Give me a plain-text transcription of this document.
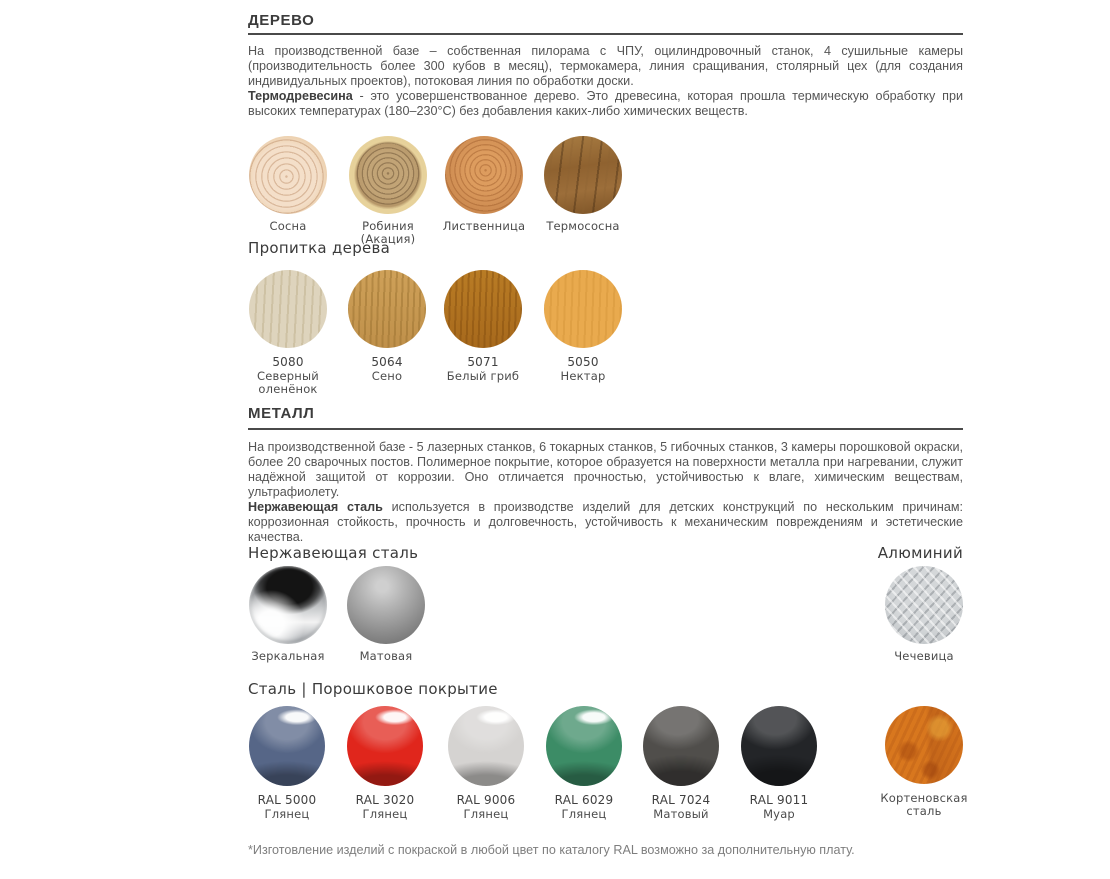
ДЕРЕВО

На производственной базе – собственная пилорама с ЧПУ, оцилиндровочный станок, 4 сушильные камеры (производительность более 300 кубов в месяц), термокамера, линия сращивания, столярный цех (для создания индивидуальных проектов), потоковая линия по обработки доски.

Термодревесина - это усовершенствованное дерево. Это древесина, которая прошла термическую обработку при высоких температурах (180–230°C) без добавления каких-либо химических веществ.

Сосна	Робиния (Акация)
Лиственница	Термососна
Пропитка дерева
5080
Северный оленёнок
5064
Сено
5071
Белый гриб
5050
Нектар
МЕТАЛЛ

На производственной базе - 5 лазерных станков, 6 токарных станков, 5 гибочных станков, 3 камеры порошковой окраски, более 20 сварочных постов. Полимерное покрытие, которое образуется на поверхности металла при нагревании, служит надёжной защитой от коррозии. Оно отличается прочностью, устойчивостью к влаге, химическим веществам, ультрафиолету.

Нержавеющая сталь используется в производстве изделий для детских конструкций по нескольким причинам: коррозионная стойкость, прочность и долговечность, устойчивость к механическим повреждениям и эстетические качества.

Нержавеющая сталь	Алюминий
Зеркальная	Матовая	Чечевица
Сталь | Порошковое покрытие
RAL 5000
Глянец
RAL 3020
Глянец
RAL 9006
Глянец
RAL 6029
Глянец
RAL 7024
Матовый
RAL 9011
Муар
Кортеновская сталь
*Изготовление изделий с покраской в любой цвет по каталогу RAL возможно за дополнительную плату.
